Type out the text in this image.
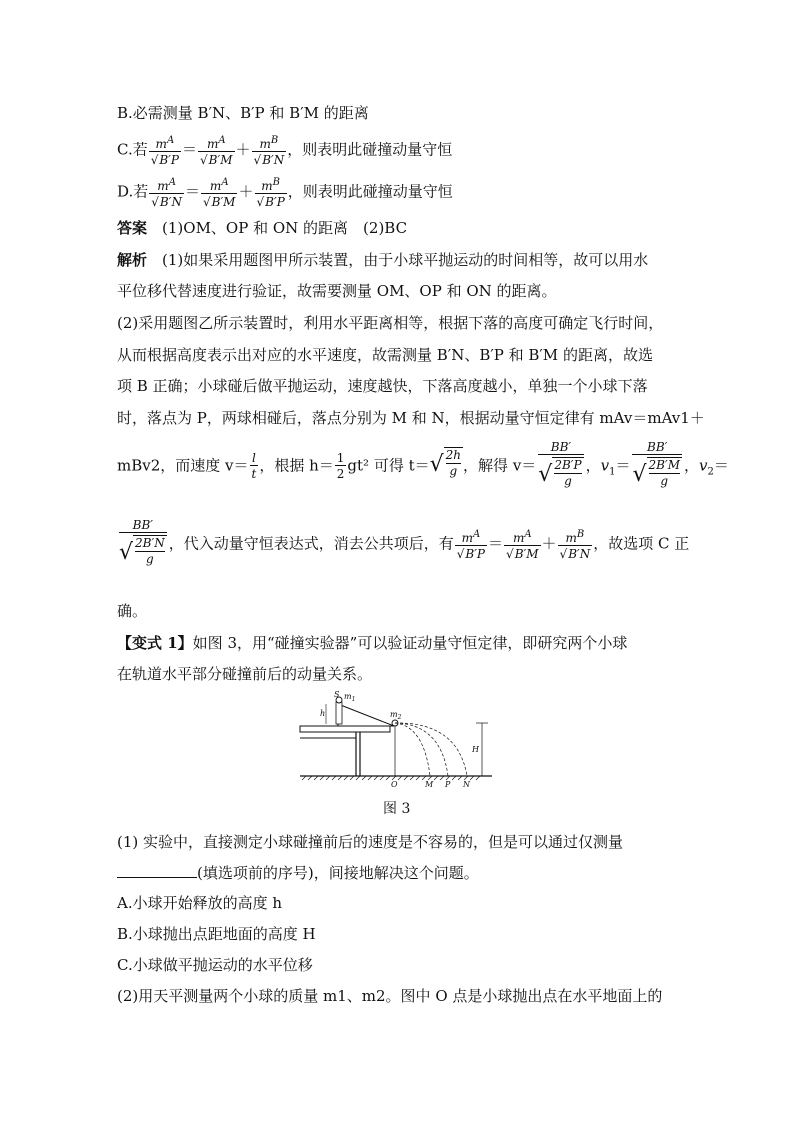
B.必需测量 B′N、B′P 和 B′M 的距离
C.若 $m^A$
√ $B'P = m^A$
√ $B'M + m^B$
√ B′N ，则表明此碰撞动量守恒
D.若 $m^A$
√ $B'N = m^A$
√ $B'M + m^B$
√ B′P ，则表明此碰撞动量守恒
答案　 (1)OM、OP 和 ON 的距离　(2)BC
解析　 (1)如果采用题图甲所示装置，由于小球平抛运动的时间相等，故可以用水
平位移代替速度进行验证，故需要测量 OM、OP 和 ON 的距离。
(2)采用题图乙所示装置时，利用水平距离相等，根据下落的高度可确定飞行时间，
从而根据高度表示出对应的水平速度，故需测量 B′N、B′P 和 B′M 的距离，故选
项 B 正确；小球碰后做平抛运动，速度越快，下落高度越小，单独一个小球下落
时，落点为 P，两球相碰后，落点分别为 M 和 N，根据动量守恒定律有 mAv＝mAv1＋
mBv2，而速度 $v= \frac{l}{t}$ ，根据 $h= \frac{1}{2} gt^2$ 可得 t＝ √ 2h
g ，解得 v＝ BB′
√ 2B′P
g ，$v_1= BB'$
√ 2B′M
g ，$v_2=$
BB′
√ 2B′N
g ，代入动量守恒表达式，消去公共项后，有 $m^A$
√ $B'P = m^A$
√ $B'M + m^B$
√ B′N ，故选项 C 正
确。
【变式 1】如图 3，用“碰撞实验器”可以验证动量守恒定律，即研究两个小球
在轨道水平部分碰撞前后的动量关系。
S $m_1$
h	$m_2$
H
O	M P N
图 3
(1) 实验中，直接测定小球碰撞前后的速度是不容易的，但是可以通过仅测量
(填选项前的序号)，间接地解决这个问题。
A.小球开始释放的高度 h
B.小球抛出点距地面的高度 H
C.小球做平抛运动的水平位移
(2)用天平测量两个小球的质量 m1、m2。图中 O 点是小球抛出点在水平地面上的
